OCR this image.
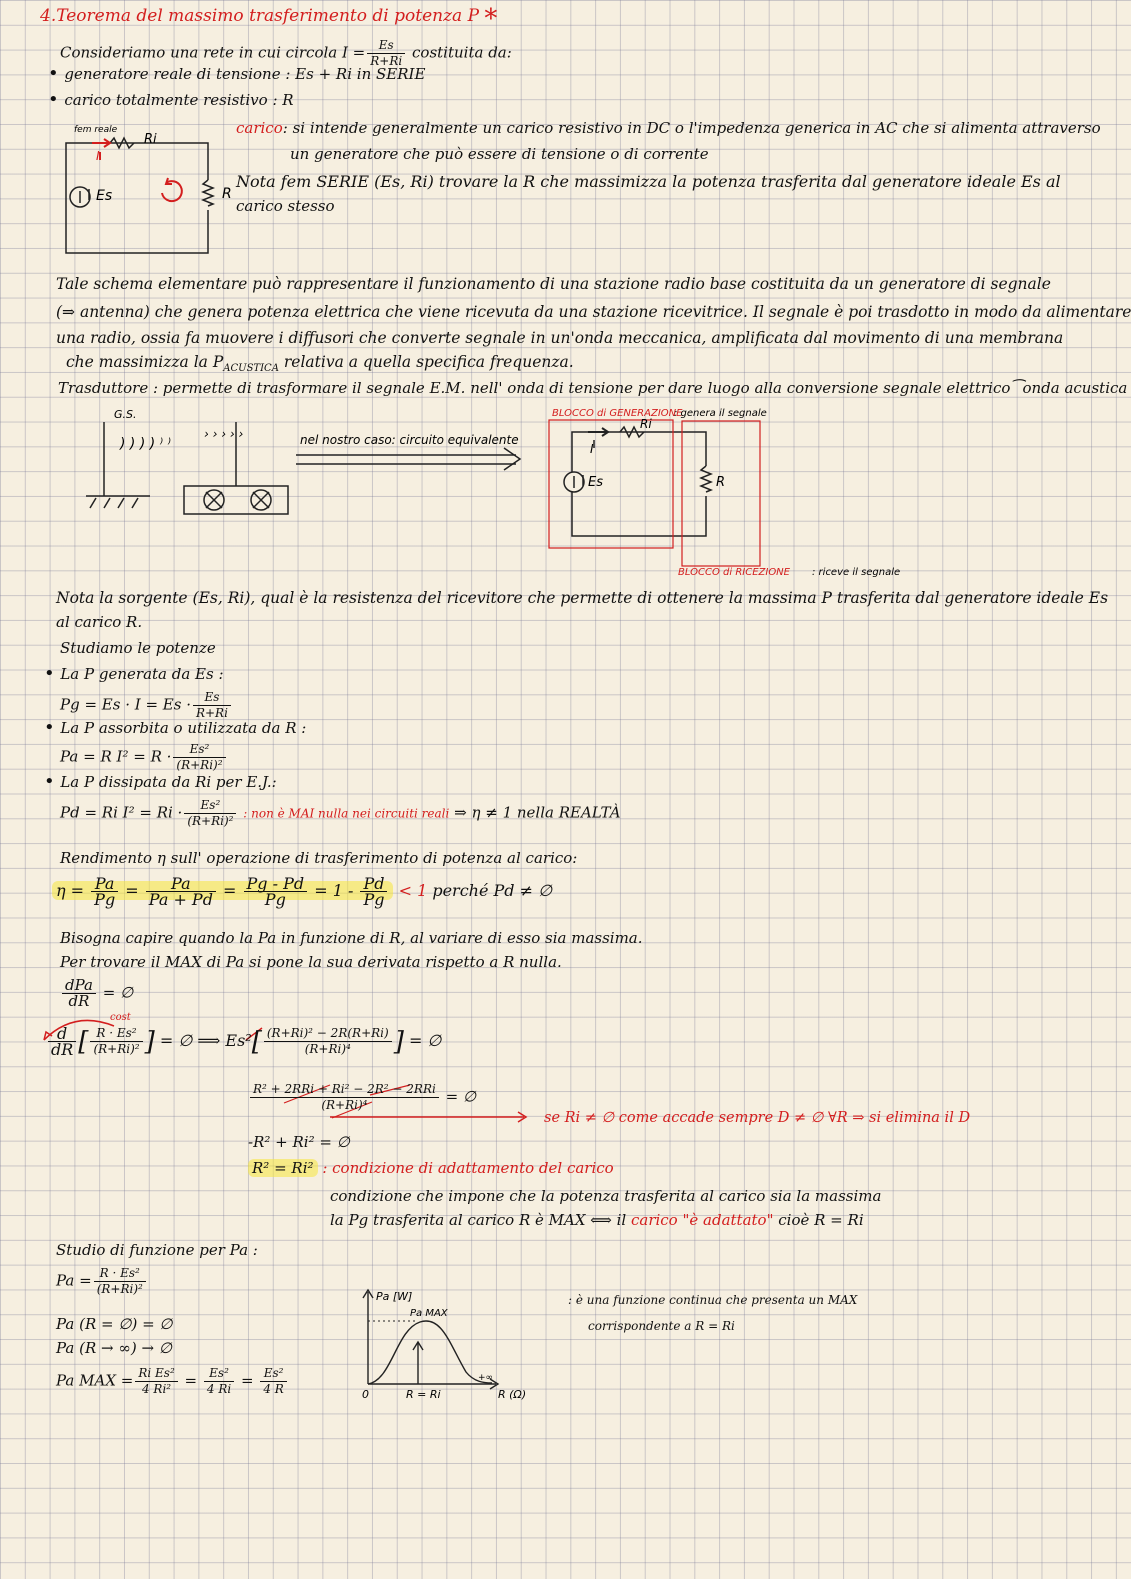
4.Teorema del massimo trasferimento di potenza P *
Consideriamo una rete in cui circola $I = \frac{Es}{R+Ri}$ costituita da:
• generatore reale di tensione : Es + Ri in SERIE
• carico totalmente resistivo : R
fem reale
Ri
I
Es	R
carico: si intende generalmente un carico resistivo in DC o l'impedenza generica in AC che si alimenta attraverso
un generatore che può essere di tensione o di corrente
Nota fem SERIE (Es, Ri) trovare la R che massimizza la potenza trasferita dal generatore ideale Es al
carico stesso
Tale schema elementare può rappresentare il funzionamento di una stazione radio base costituita da un generatore di segnale
(⇒ antenna) che genera potenza elettrica che viene ricevuta da una stazione ricevitrice. Il segnale è poi trasdotto in modo da alimentare
una radio, ossia fa muovere i diffusori che converte segnale in un'onda meccanica, amplificata dal movimento di una membrana
che massimizza la $P_{ACUSTICA}$ relativa a quella specifica frequenza.
Trasduttore : permette di trasformare il segnale E.M. nell' onda di tensione per dare luogo alla conversione segnale elettrico⁀onda acustica
G.S.
) ) ) ) ⁾ ⁾
› › › › ›	nel nostro caso: circuito equivalente
BLOCCO di GENERAZIONE
: genera il segnale
BLOCCO di RICEZIONE : riceve il segnale
Ri
I
Es	R
Nota la sorgente (Es, Ri), qual è la resistenza del ricevitore che permette di ottenere la massima P trasferita dal generatore ideale Es
al carico R.
Studiamo le potenze
• La P generata da Es :
$Pg = Es \cdot I = Es \cdot \frac{Es}{R+Ri}$
• La P assorbita o utilizzata da R :
Pa = R $I^2 = R \cdot \frac{\text{Es²}}{\text{(R+Ri)²}}$
• La P dissipata da Ri per E.J.:
Pd = Ri $I^2 = Ri \cdot \frac{\text{Es²}}{\text{(R+Ri)²}}$ : non è MAI nulla nei circuiti reali ⇒ η ≠ 1 nella REALTÀ
Rendimento η sull' operazione di trasferimento di potenza al carico:
$\eta = \frac{Pa}{Pg} = \frac{Pa}{Pa + Pd} = \frac{Pg - Pd}{Pg} = 1 - \frac{Pd}{Pg} < 1$ perché Pd ≠ ∅
Bisogna capire quando la Pa in funzione di R, al variare di esso sia massima.
Per trovare il MAX di Pa si pone la sua derivata rispetto a R nulla.
$\frac{\text{dPa}}{dR}$ = ∅
cost
$\frac{d}{dR}$ [ $\frac{\text{R · Es²}}{\text{(R+Ri)²}}$ ] = ∅ ⟹ $Es^2[ \frac{\text{(R+Ri)² − 2R(R+Ri)}}{\text{(R+Ri)⁴}}$ ] = ∅
$\frac{\text{R² + 2RRi + Ri² − 2R² − 2RRi}}{\text{(R+Ri)⁴}}$ = ∅
se Ri ≠ ∅ come accade sempre D ≠ ∅ ∀R ⇒ si elimina il D
-R² + Ri² = ∅
R² = Ri² : condizione di adattamento del carico
condizione che impone che la potenza trasferita al carico sia la massima
la Pg trasferita al carico R è MAX ⟺ il carico "è adattato" cioè R = Ri
Studio di funzione per Pa :
$Pa = \frac{\text{R · Es²}}{\text{(R+Ri)²}}$
Pa (R = ∅) = ∅
Pa (R → ∞) → ∅
Pa MAX = $\frac{\text{Ri Es²}}{\text{4 Ri²}} = \frac{\text{Es²}}{4 Ri} = \frac{\text{Es²}}{4 R}$
: è una funzione continua che presenta un MAX
corrispondente a R = Ri
Pa [W]
Pa MAX
0	R = Ri	R (Ω)
+∞
